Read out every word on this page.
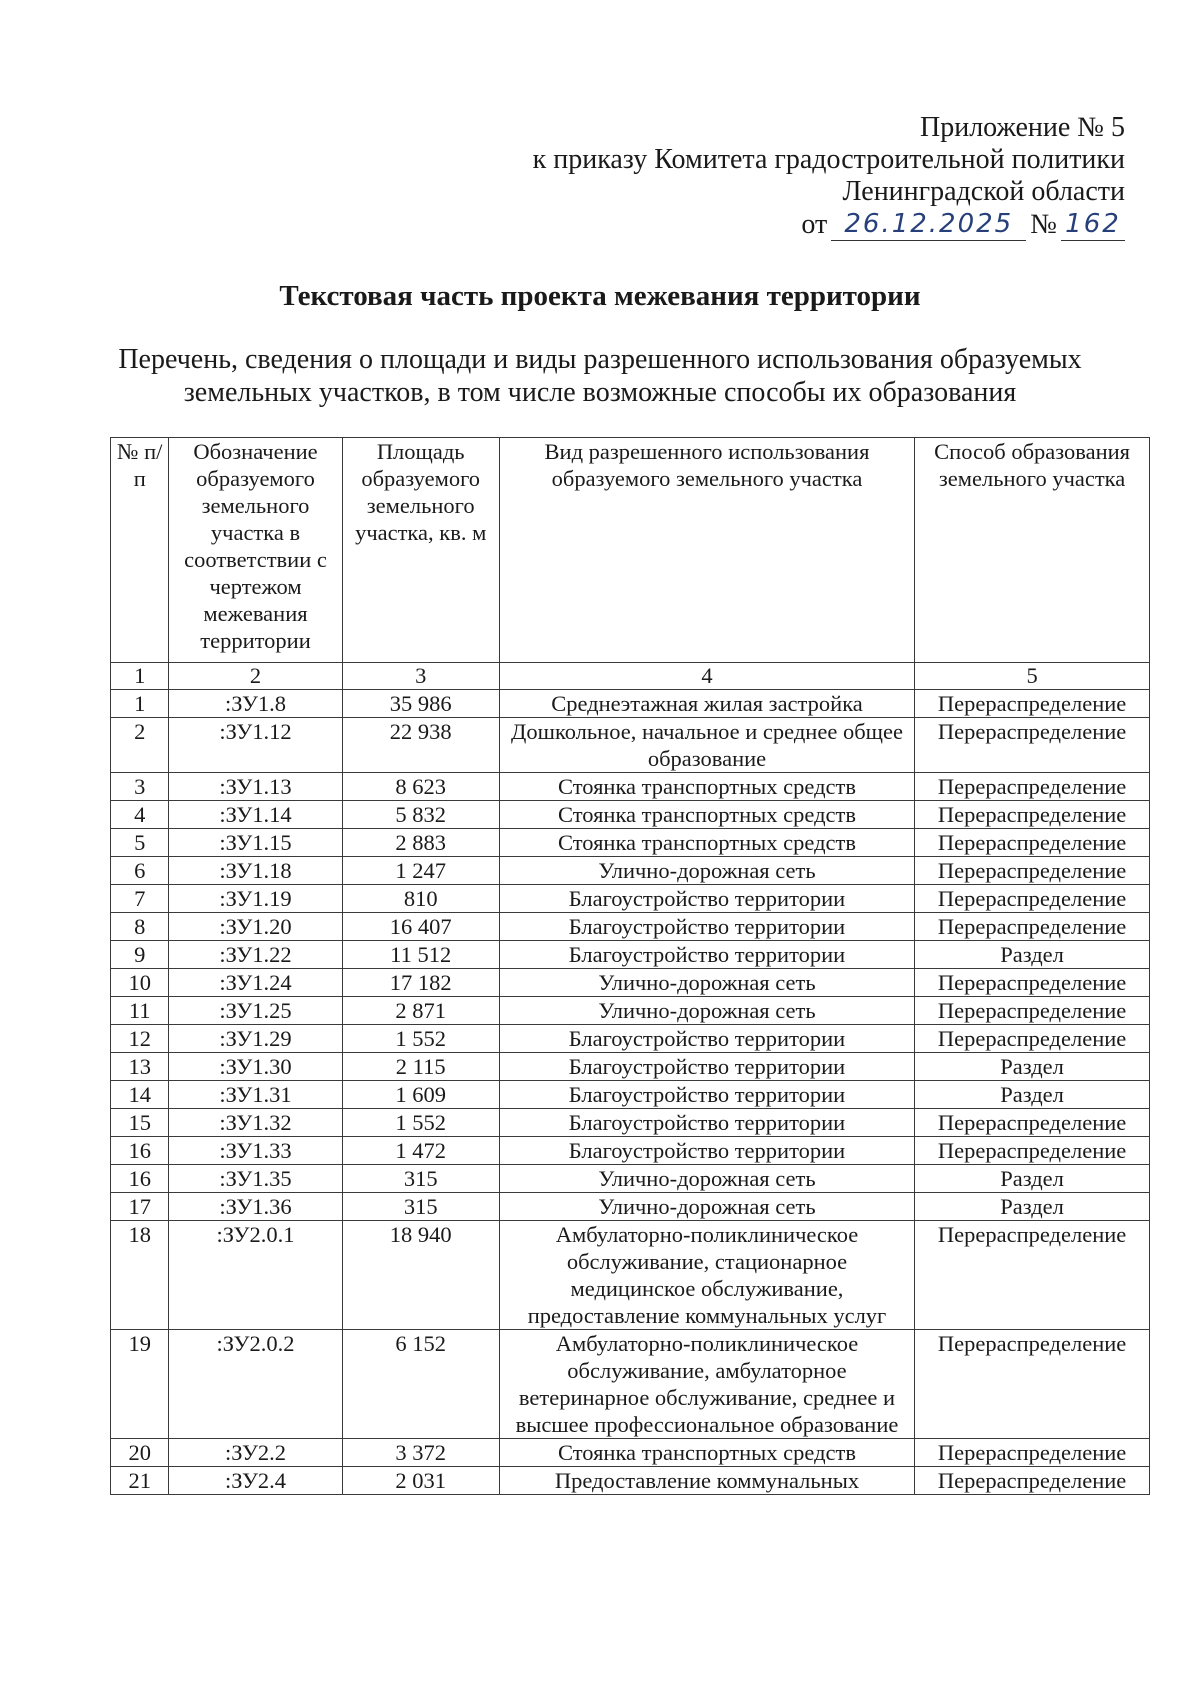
Приложение № 5
к приказу Комитета градостроительной политики
Ленинградской области
от 26.12.2025 № 162
Текстовая часть проекта межевания территории
Перечень, сведения о площади и виды разрешенного использования образуемых
земельных участков, в том числе возможные способы их образования
№ п/п	Обозначение образуемого земельного участка в соответствии с чертежом межевания территории	Площадь образуемого земельного участка, кв. м	Вид разрешенного использования образуемого земельного участка	Способ образования земельного участка
1	2	3	4	5
1	:ЗУ1.8	35 986	Среднеэтажная жилая застройка	Перераспределение
2	:ЗУ1.12	22 938	Дошкольное, начальное и среднее общее образование	Перераспределение
3	:ЗУ1.13	8 623	Стоянка транспортных средств	Перераспределение
4	:ЗУ1.14	5 832	Стоянка транспортных средств	Перераспределение
5	:ЗУ1.15	2 883	Стоянка транспортных средств	Перераспределение
6	:ЗУ1.18	1 247	Улично-дорожная сеть	Перераспределение
7	:ЗУ1.19	810	Благоустройство территории	Перераспределение
8	:ЗУ1.20	16 407	Благоустройство территории	Перераспределение
9	:ЗУ1.22	11 512	Благоустройство территории	Раздел
10	:ЗУ1.24	17 182	Улично-дорожная сеть	Перераспределение
11	:ЗУ1.25	2 871	Улично-дорожная сеть	Перераспределение
12	:ЗУ1.29	1 552	Благоустройство территории	Перераспределение
13	:ЗУ1.30	2 115	Благоустройство территории	Раздел
14	:ЗУ1.31	1 609	Благоустройство территории	Раздел
15	:ЗУ1.32	1 552	Благоустройство территории	Перераспределение
16	:ЗУ1.33	1 472	Благоустройство территории	Перераспределение
16	:ЗУ1.35	315	Улично-дорожная сеть	Раздел
17	:ЗУ1.36	315	Улично-дорожная сеть	Раздел
18	:ЗУ2.0.1	18 940	Амбулаторно-поликлиническое обслуживание, стационарное медицинское обслуживание, предоставление коммунальных услуг	Перераспределение
19	:ЗУ2.0.2	6 152	Амбулаторно-поликлиническое обслуживание, амбулаторное ветеринарное обслуживание, среднее и высшее профессиональное образование	Перераспределение
20	:ЗУ2.2	3 372	Стоянка транспортных средств	Перераспределение
21	:ЗУ2.4	2 031	Предоставление коммунальных	Перераспределение
